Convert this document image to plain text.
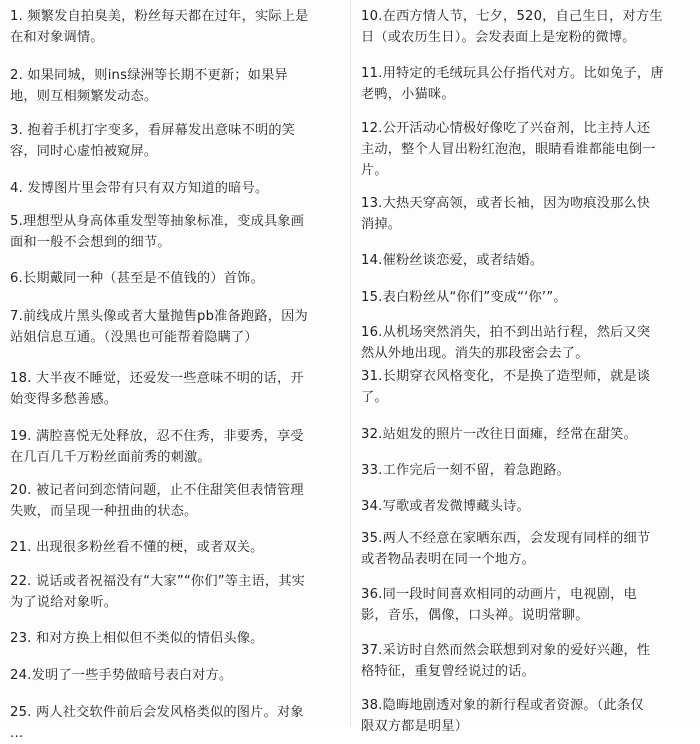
1. 频繁发自拍臭美，粉丝每天都在过年，实际上是
在和对象调情。
2. 如果同城，则ins绿洲等长期不更新；如果异
地，则互相频繁发动态。
3. 抱着手机打字变多，看屏幕发出意味不明的笑
容，同时心虚怕被窥屏。
4. 发博图片里会带有只有双方知道的暗号。
5.理想型从身高体重发型等抽象标准，变成具象画
面和一般不会想到的细节。
6.长期戴同一种（甚至是不值钱的）首饰。
7.前线成片黑头像或者大量抛售pb准备跑路，因为
站姐信息互通。（没黑也可能帮着隐瞒了）
18. 大半夜不睡觉，还爱发一些意味不明的话，开
始变得多愁善感。
19. 满腔喜悦无处释放，忍不住秀，非要秀，享受
在几百几千万粉丝面前秀的刺激。
20. 被记者问到恋情问题，止不住甜笑但表情管理
失败，而呈现一种扭曲的状态。
21. 出现很多粉丝看不懂的梗，或者双关。
22. 说话或者祝福没有“大家”“你们”等主语，其实
为了说给对象听。
23. 和对方换上相似但不类似的情侣头像。
24.发明了一些手势做暗号表白对方。
25. 两人社交软件前后会发风格类似的图片。对象
…
10.在西方情人节，七夕，520，自己生日，对方生
日（或农历生日）。会发表面上是宠粉的微博。
11.用特定的毛绒玩具公仔指代对方。比如兔子，唐
老鸭，小猫咪。
12.公开活动心情极好像吃了兴奋剂，比主持人还
主动，整个人冒出粉红泡泡，眼睛看谁都能电倒一
片。
13.大热天穿高领，或者长袖，因为吻痕没那么快
消掉。
14.催粉丝谈恋爱，或者结婚。
15.表白粉丝从“你们”变成“‘你’”。
16.从机场突然消失，拍不到出站行程，然后又突
然从外地出现。消失的那段密会去了。
31.长期穿衣风格变化，不是换了造型师，就是谈
了。
32.站姐发的照片一改往日面瘫，经常在甜笑。
33.工作完后一刻不留，着急跑路。
34.写歌或者发微博藏头诗。
35.两人不经意在家晒东西，会发现有同样的细节
或者物品表明在同一个地方。
36.同一段时间喜欢相同的动画片，电视剧，电
影，音乐，偶像，口头禅。说明常聊。
37.采访时自然而然会联想到对象的爱好兴趣，性
格特征，重复曾经说过的话。
38.隐晦地剧透对象的新行程或者资源。（此条仅
限双方都是明星）
